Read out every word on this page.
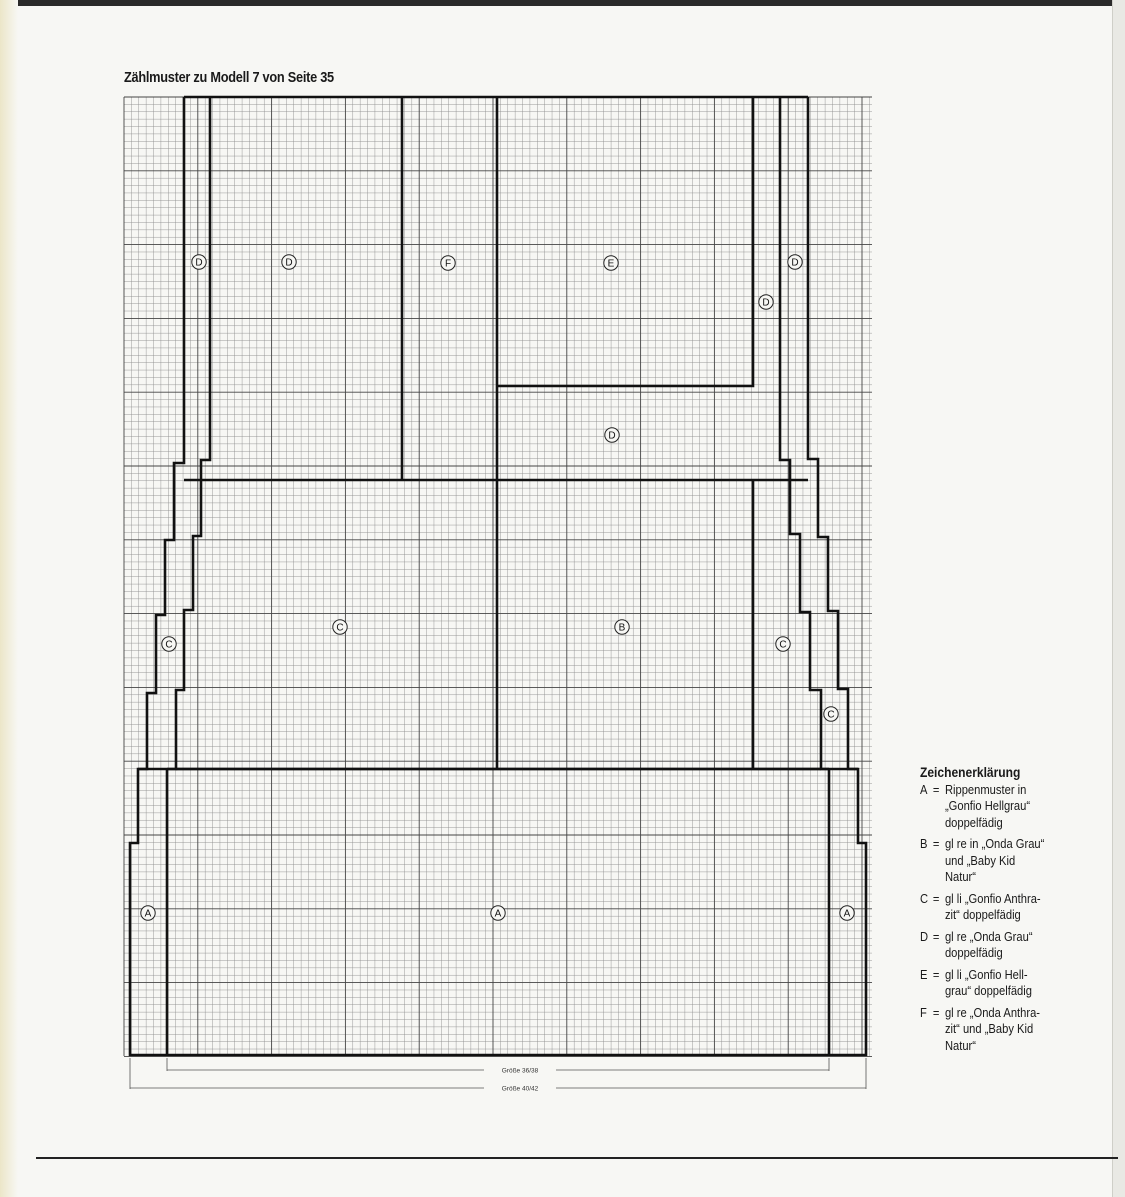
Zählmuster zu Modell 7 von Seite 35
A	A	A
B
C
C
C
C
D	D	D
D
D
E
F
Größe 36/38
Größe 40/42
Zeichenerklärung
A = Rippenmuster in
„Gonfio Hellgrau“
doppelfädig
B = gl re in „Onda Grau“
und „Baby Kid
Natur“
C = gl li „Gonfio Anthra-
zit“ doppelfädig
D = gl re „Onda Grau“
doppelfädig
E = gl li „Gonfio Hell-
grau“ doppelfädig
F = gl re „Onda Anthra-
zit“ und „Baby Kid
Natur“
